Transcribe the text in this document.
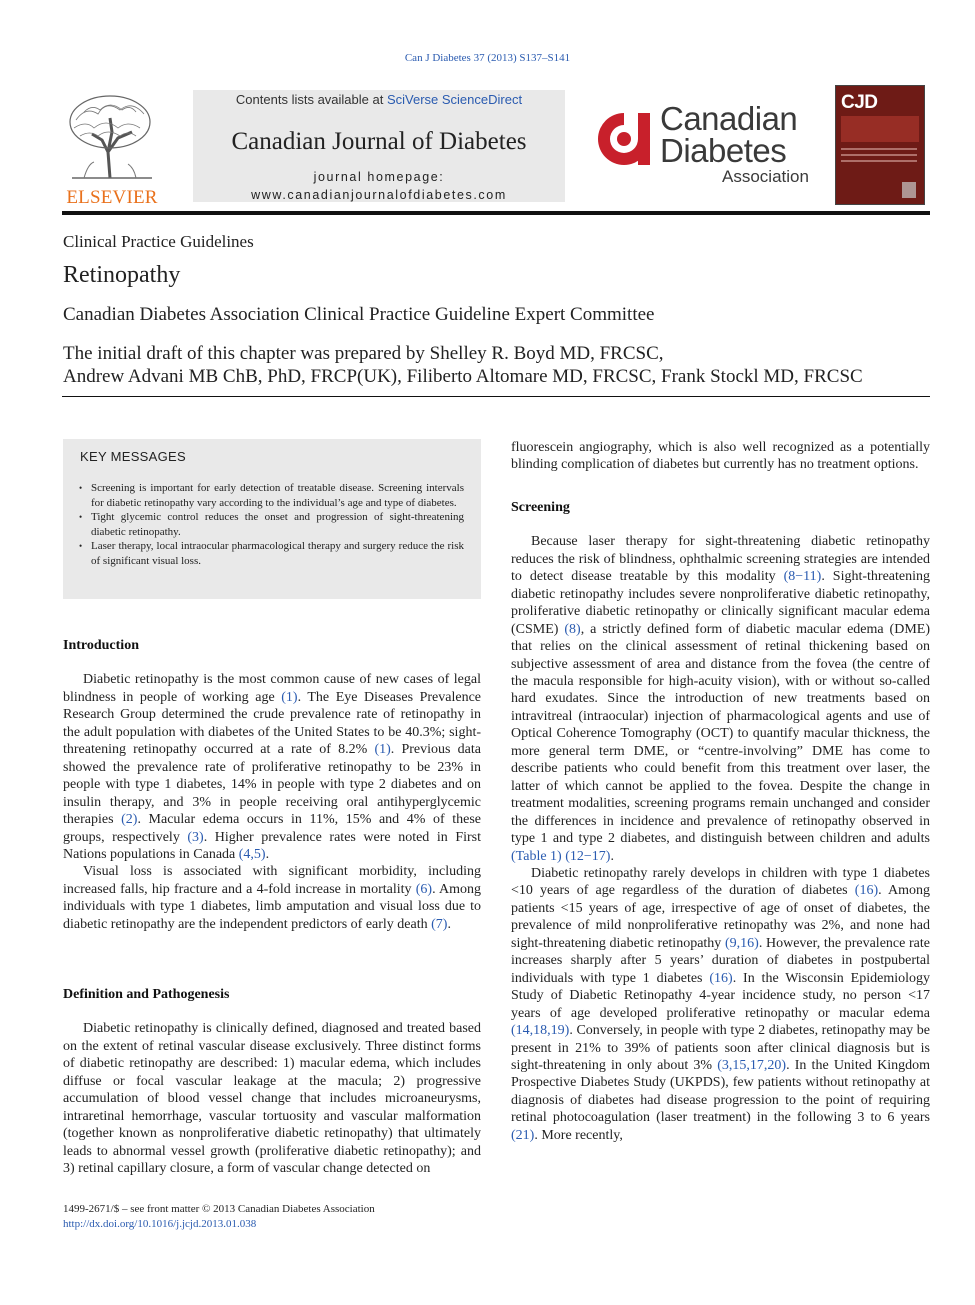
Can J Diabetes 37 (2013) S137–S141
ELSEVIER
Contents lists available at SciVerse ScienceDirect
Canadian Journal of Diabetes
journal homepage:
www.canadianjournalofdiabetes.com
Canadian
Diabetes
Association
CJD
Clinical Practice Guidelines
Retinopathy
Canadian Diabetes Association Clinical Practice Guideline Expert Committee
The initial draft of this chapter was prepared by Shelley R. Boyd MD, FRCSC,
Andrew Advani MB ChB, PhD, FRCP(UK), Filiberto Altomare MD, FRCSC, Frank Stockl MD, FRCSC
KEY MESSAGES
• Screening is important for early detection of treatable disease. Screening intervals for diabetic retinopathy vary according to the individual’s age and type of diabetes.
• Tight glycemic control reduces the onset and progression of sight-threatening diabetic retinopathy.
• Laser therapy, local intraocular pharmacological therapy and surgery reduce the risk of significant visual loss.
Introduction

Diabetic retinopathy is the most common cause of new cases of legal blindness in people of working age (1). The Eye Diseases Prevalence Research Group determined the crude prevalence rate of retinopathy in the adult population with diabetes of the United States to be 40.3%; sight-threatening retinopathy occurred at a rate of 8.2% (1). Previous data showed the prevalence rate of proliferative retinopathy to be 23% in people with type 1 diabetes, 14% in people with type 2 diabetes and on insulin therapy, and 3% in people receiving oral antihyperglycemic therapies (2). Macular edema occurs in 11%, 15% and 4% of these groups, respectively (3). Higher prevalence rates were noted in First Nations populations in Canada (4,5).

Visual loss is associated with significant morbidity, including increased falls, hip fracture and a 4-fold increase in mortality (6). Among individuals with type 1 diabetes, limb amputation and visual loss due to diabetic retinopathy are the independent predictors of early death (7).

Definition and Pathogenesis

Diabetic retinopathy is clinically defined, diagnosed and treated based on the extent of retinal vascular disease exclusively. Three distinct forms of diabetic retinopathy are described: 1) macular edema, which includes diffuse or focal vascular leakage at the macula; 2) progressive accumulation of blood vessel change that includes microaneurysms, intraretinal hemorrhage, vascular tortuosity and vascular malformation (together known as nonproliferative diabetic retinopathy) that ultimately leads to abnormal vessel growth (proliferative diabetic retinopathy); and 3) retinal capillary closure, a form of vascular change detected on

fluorescein angiography, which is also well recognized as a potentially blinding complication of diabetes but currently has no treatment options.

Screening

Because laser therapy for sight-threatening diabetic retinopathy reduces the risk of blindness, ophthalmic screening strategies are intended to detect disease treatable by this modality (8−11). Sight-threatening diabetic retinopathy includes severe nonproliferative diabetic retinopathy, proliferative diabetic retinopathy or clinically significant macular edema (CSME) (8), a strictly defined form of diabetic macular edema (DME) that relies on the clinical assessment of retinal thickening based on subjective assessment of area and distance from the fovea (the centre of the macula responsible for high-acuity vision), with or without so-called hard exudates. Since the introduction of new treatments based on intravitreal (intraocular) injection of pharmacological agents and use of Optical Coherence Tomography (OCT) to quantify macular thickness, the more general term DME, or “centre-involving” DME has come to describe patients who could benefit from this treatment over laser, the latter of which cannot be applied to the fovea. Despite the change in treatment modalities, screening programs remain unchanged and consider the differences in incidence and prevalence of retinopathy observed in type 1 and type 2 diabetes, and distinguish between children and adults (Table 1) (12−17).

Diabetic retinopathy rarely develops in children with type 1 diabetes <10 years of age regardless of the duration of diabetes (16). Among patients <15 years of age, irrespective of age of onset of diabetes, the prevalence of mild nonproliferative retinopathy was 2%, and none had sight-threatening diabetic retinopathy (9,16). However, the prevalence rate increases sharply after 5 years’ duration of diabetes in postpubertal individuals with type 1 diabetes (16). In the Wisconsin Epidemiology Study of Diabetic Retinopathy 4-year incidence study, no person <17 years of age developed proliferative retinopathy or macular edema (14,18,19). Conversely, in people with type 2 diabetes, retinopathy may be present in 21% to 39% of patients soon after clinical diagnosis but is sight-threatening in only about 3% (3,15,17,20). In the United Kingdom Prospective Diabetes Study (UKPDS), few patients without retinopathy at diagnosis of diabetes had disease progression to the point of requiring retinal photocoagulation (laser treatment) in the following 3 to 6 years (21). More recently,

1499-2671/$ – see front matter © 2013 Canadian Diabetes Association
http://dx.doi.org/10.1016/j.jcjd.2013.01.038
